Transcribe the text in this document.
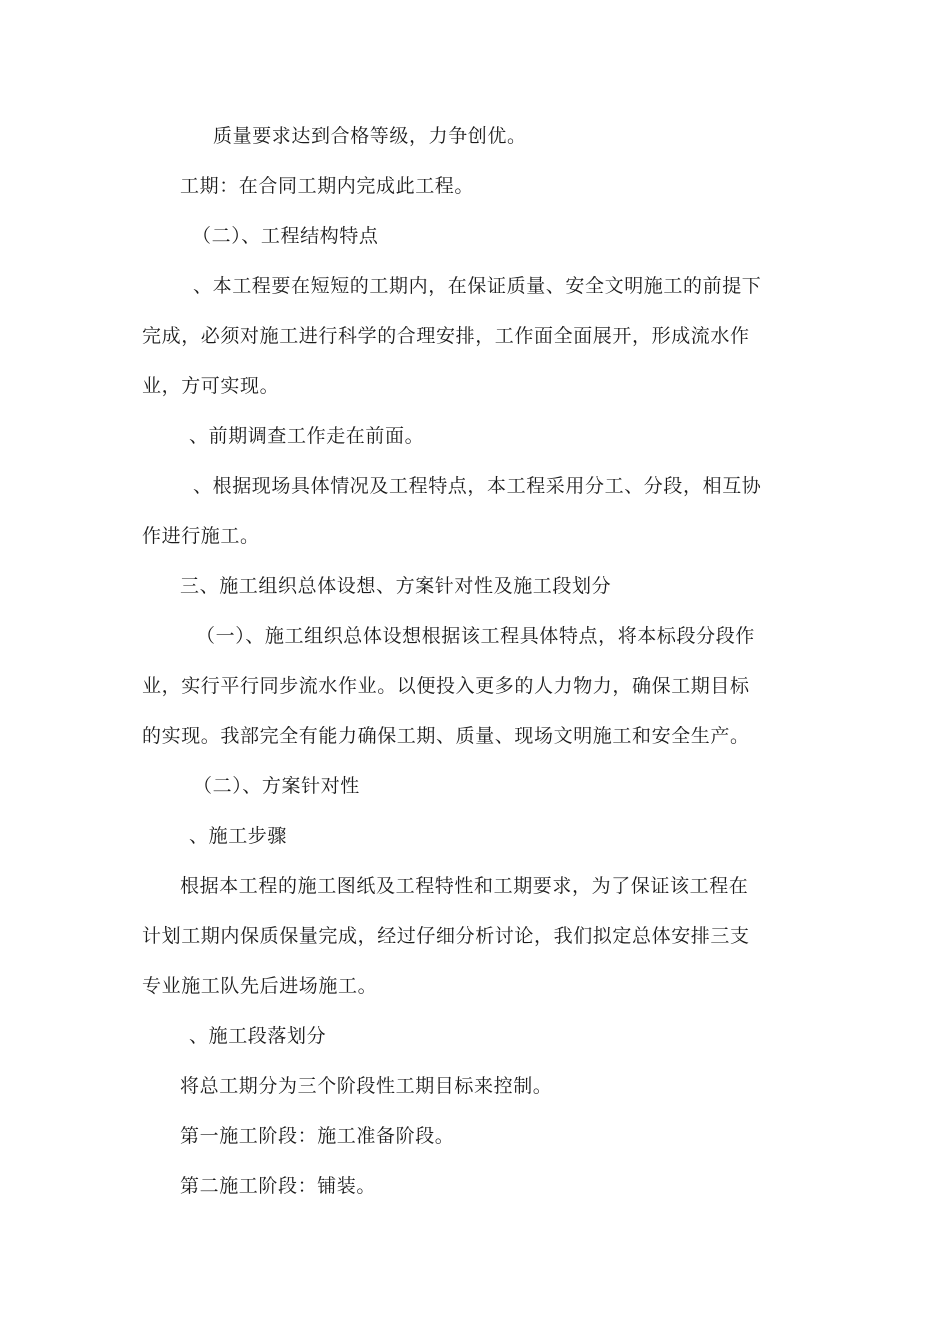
质量要求达到合格等级，力争创优。
工期：在合同工期内完成此工程。
（二）、工程结构特点
、本工程要在短短的工期内，在保证质量、安全文明施工的前提下
完成，必须对施工进行科学的合理安排，工作面全面展开，形成流水作
业，方可实现。
、前期调查工作走在前面。
、根据现场具体情况及工程特点，本工程采用分工、分段，相互协
作进行施工。
三、施工组织总体设想、方案针对性及施工段划分
（一）、施工组织总体设想根据该工程具体特点，将本标段分段作
业，实行平行同步流水作业。以便投入更多的人力物力，确保工期目标
的实现。我部完全有能力确保工期、质量、现场文明施工和安全生产。
（二）、方案针对性
、施工步骤
根据本工程的施工图纸及工程特性和工期要求，为了保证该工程在
计划工期内保质保量完成，经过仔细分析讨论，我们拟定总体安排三支
专业施工队先后进场施工。
、施工段落划分
将总工期分为三个阶段性工期目标来控制。
第一施工阶段：施工准备阶段。
第二施工阶段：铺装。
